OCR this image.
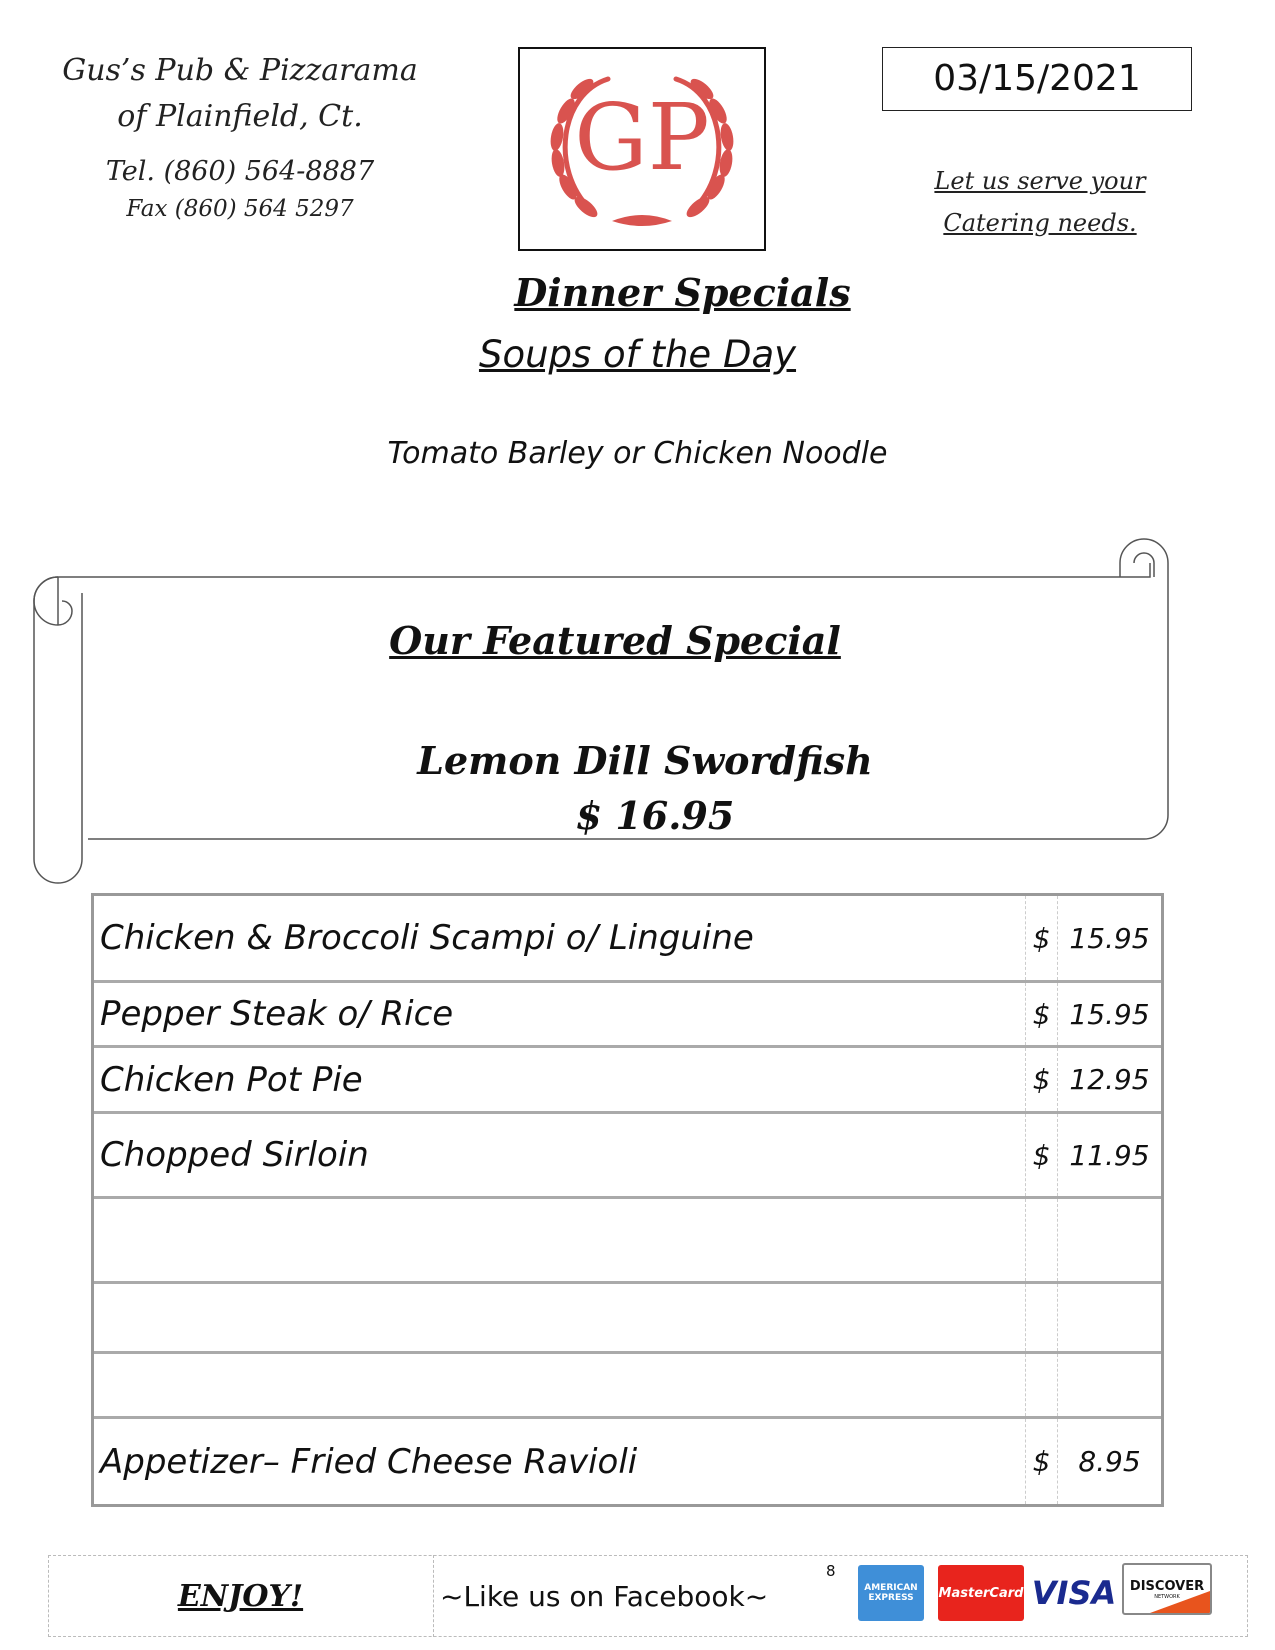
Gus’s Pub & Pizzarama
of Plainfield, Ct.
Tel. (860) 564-8887
Fax (860) 564 5297
GP
03/15/2021
Let us serve your
Catering needs.
Dinner Specials
Soups of the Day
Tomato Barley or Chicken Noodle
Our Featured Special
Lemon Dill Swordfish
$ 16.95
Chicken & Broccoli Scampi o/ Linguine	$ 15.95
Pepper Steak o/ Rice	$ 15.95
Chicken Pot Pie	$ 12.95
Chopped Sirloin	$ 11.95
Appetizer– Fried Cheese Ravioli	$ 8.95
ENJOY!	~Like us on Facebook~
8
AMERICAN
EXPRESS MasterCard VISA DISCOVER
NETWORK
